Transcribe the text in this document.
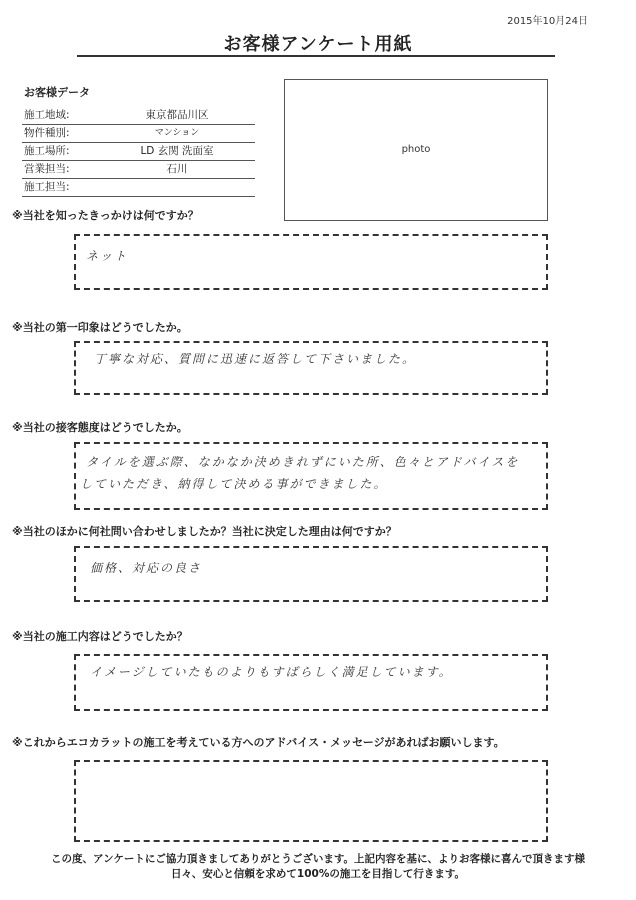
2015年10月24日
お客様アンケート用紙
お客様データ
施工地域:	東京都品川区
物件種別:	マンション
施工場所:	LD 玄関 洗面室
営業担当:	石川
施工担当:
photo
※当社を知ったきっかけは何ですか？
ネット
※当社の第一印象はどうでしたか。
丁寧な対応、質問に迅速に返答して下さいました。
※当社の接客態度はどうでしたか。
タイルを選ぶ際、なかなか決めきれずにいた所、色々とアドバイスを
していただき、納得して決める事ができました。
※当社のほかに何社問い合わせしましたか？当社に決定した理由は何ですか？
価格、対応の良さ
※当社の施工内容はどうでしたか？
イメージしていたものよりもすばらしく満足しています。
※これからエコカラットの施工を考えている方へのアドバイス・メッセージがあればお願いします。
この度、アンケートにご協力頂きましてありがとうございます。上記内容を基に、よりお客様に喜んで頂きます様
日々、安心と信頼を求めて100%の施工を目指して行きます。
